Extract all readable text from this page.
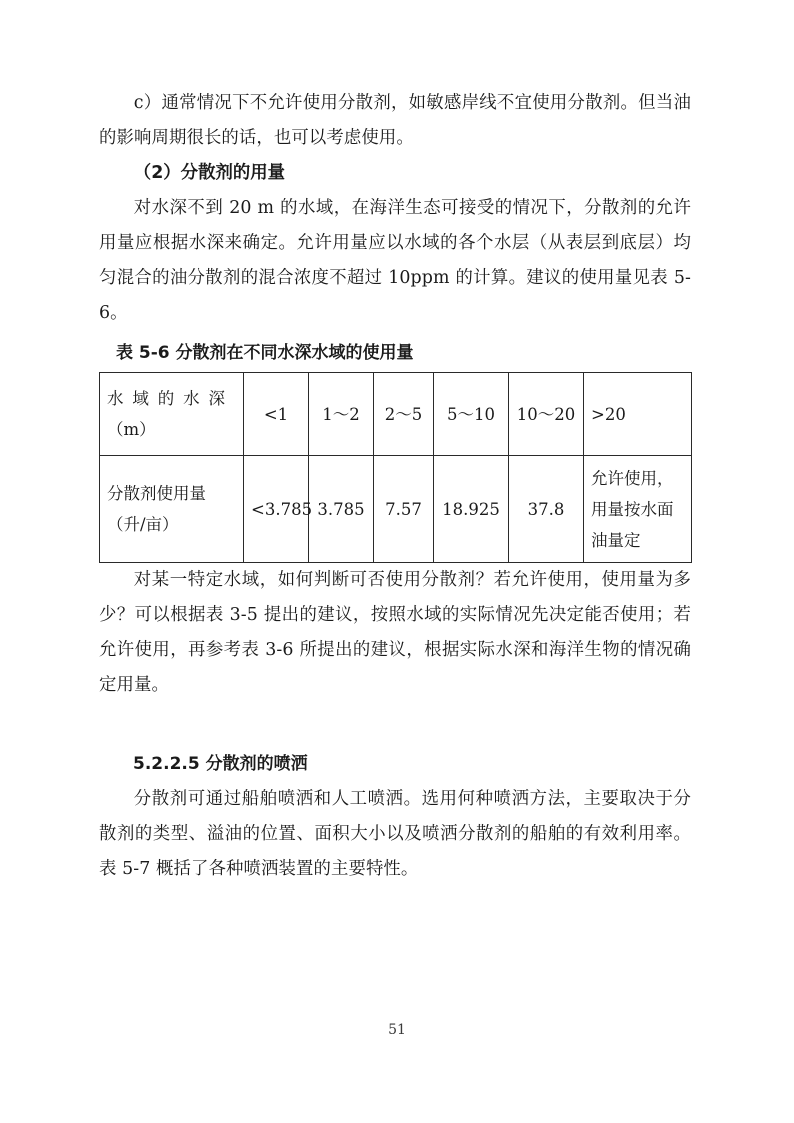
c）通常情况下不允许使用分散剂，如敏感岸线不宜使用分散剂。但当油的影响周期很长的话，也可以考虑使用。

（2）分散剂的用量

对水深不到 20 m 的水域，在海洋生态可接受的情况下，分散剂的允许用量应根据水深来确定。允许用量应以水域的各个水层（从表层到底层）均匀混合的油分散剂的混合浓度不超过 10ppm 的计算。建议的使用量见表 5-6。

表 5-6 分散剂在不同水深水域的使用量

水域的水深
（m）	<1	1～2	2～5	5～10	10～20	>20

分散剂使用量
（升/亩）	<3.785	3.785	7.57	18.925	37.8	允许使用，
用量按水面
油量定

对某一特定水域，如何判断可否使用分散剂？若允许使用，使用量为多少？可以根据表 3-5 提出的建议，按照水域的实际情况先决定能否使用；若允许使用，再参考表 3-6 所提出的建议，根据实际水深和海洋生物的情况确定用量。

5.2.2.5 分散剂的喷洒

分散剂可通过船舶喷洒和人工喷洒。选用何种喷洒方法，主要取决于分散剂的类型、溢油的位置、面积大小以及喷洒分散剂的船舶的有效利用率。表 5-7 概括了各种喷洒装置的主要特性。

51
